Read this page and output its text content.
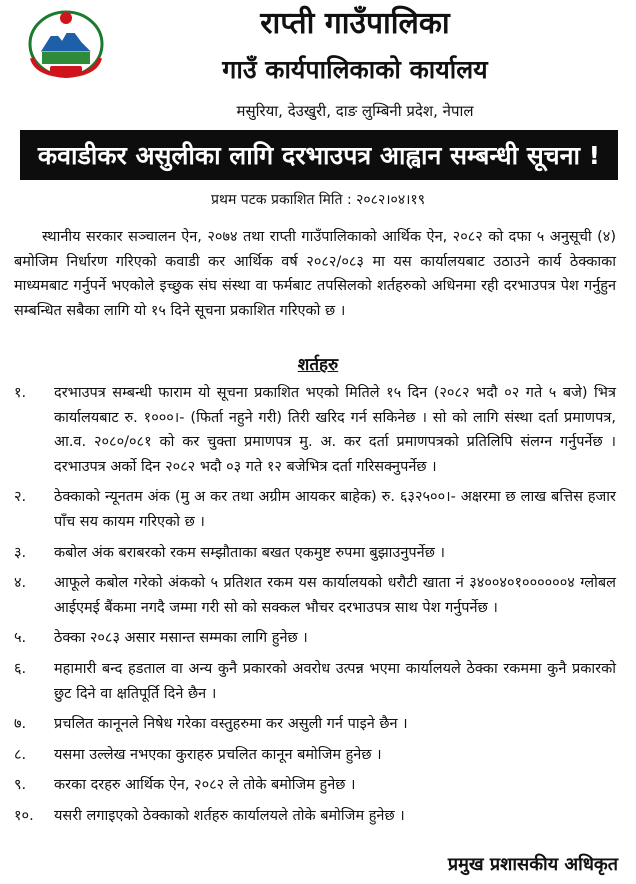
राप्ती गाउँपालिका
गाउँ कार्यपालिकाको कार्यालय
मसुरिया, देउखुरी, दाङ लुम्बिनी प्रदेश, नेपाल
कवाडीकर असुलीका लागि दरभाउपत्र आह्वान सम्बन्धी सूचना !
प्रथम पटक प्रकाशित मिति : २०८२।०४।१९

स्थानीय सरकार सञ्चालन ऐन, २०७४ तथा राप्ती गाउँपालिकाको आर्थिक ऐन, २०८२ को दफा ५ अनुसूची (४) बमोजिम निर्धारण गरिएको कवाडी कर आर्थिक वर्ष २०८२/०८३ मा यस कार्यालयबाट उठाउने कार्य ठेक्काका माध्यमबाट गर्नुपर्ने भएकोले इच्छुक संघ संस्था वा फर्मबाट तपसिलको शर्तहरुको अधिनमा रही दरभाउपत्र पेश गर्नुहुन सम्बन्धित सबैका लागि यो १५ दिने सूचना प्रकाशित गरिएको छ ।

शर्तहरु
१.	दरभाउपत्र सम्बन्धी फाराम यो सूचना प्रकाशित भएको मितिले १५ दिन (२०८२ भदौ ०२ गते ५ बजे) भित्र कार्यालयबाट रु. १०००।- (फिर्ता नहुने गरी) तिरी खरिद गर्न सकिनेछ । सो को लागि संस्था दर्ता प्रमाणपत्र, आ.व. २०८०/०८१ को कर चुक्ता प्रमाणपत्र मु. अ. कर दर्ता प्रमाणपत्रको प्रतिलिपि संलग्न गर्नुपर्नेछ । दरभाउपत्र अर्को दिन २०८२ भदौ ०३ गते १२ बजेभित्र दर्ता गरिसक्नुपर्नेछ ।
२.	ठेक्काको न्यूनतम अंक (मु अ कर तथा अग्रीम आयकर बाहेक) रु. ६३२५००।- अक्षरमा छ लाख बत्तिस हजार पाँच सय कायम गरिएको छ ।
३.	कबोल अंक बराबरको रकम सम्झौताका बखत एकमुष्ट रुपमा बुझाउनुपर्नेछ ।
४.	आफूले कबोल गरेको अंकको ५ प्रतिशत रकम यस कार्यालयको धरौटी खाता नं ३४००४०१००००००४ ग्लोबल आईएमई बैंकमा नगदै जम्मा गरी सो को सक्कल भौचर दरभाउपत्र साथ पेश गर्नुपर्नेछ ।
५.	ठेक्का २०८३ असार मसान्त सम्मका लागि हुनेछ ।
६.	महामारी बन्द हडताल वा अन्य कुनै प्रकारको अवरोध उत्पन्न भएमा कार्यालयले ठेक्का रकममा कुनै प्रकारको छुट दिने वा क्षतिपूर्ति दिने छैन ।
७.	प्रचलित कानूनले निषेध गरेका वस्तुहरुमा कर असुली गर्न पाइने छैन ।
८.	यसमा उल्लेख नभएका कुराहरु प्रचलित कानून बमोजिम हुनेछ ।
९.	करका दरहरु आर्थिक ऐन, २०८२ ले तोके बमोजिम हुनेछ ।
१०.	यसरी लगाइएको ठेक्काको शर्तहरु कार्यालयले तोके बमोजिम हुनेछ ।
प्रमुख प्रशासकीय अधिकृत
